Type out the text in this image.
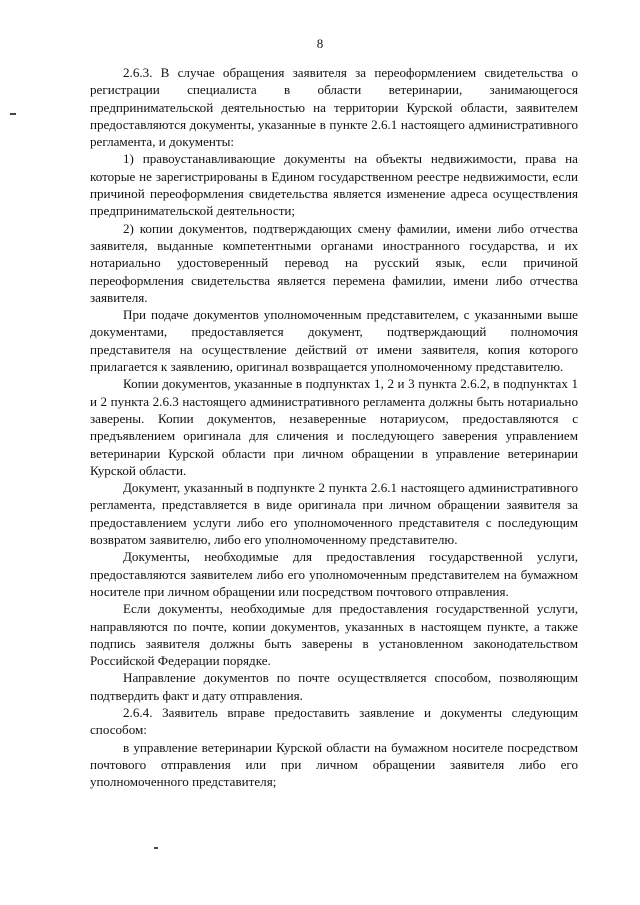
8

2.6.3. В случае обращения заявителя за переоформлением свидетельства о регистрации специалиста в области ветеринарии, занимающегося предпринимательской деятельностью на территории Курской области, заявителем предоставляются документы, указанные в пункте 2.6.1 настоящего административного регламента, и документы:

1) правоустанавливающие документы на объекты недвижимости, права на которые не зарегистрированы в Едином государственном реестре недвижимости, если причиной переоформления свидетельства является изменение адреса осуществления предпринимательской деятельности;

2) копии документов, подтверждающих смену фамилии, имени либо отчества заявителя, выданные компетентными органами иностранного государства, и их нотариально удостоверенный перевод на русский язык, если причиной переоформления свидетельства является перемена фамилии, имени либо отчества заявителя.

При подаче документов уполномоченным представителем, с указанными выше документами, предоставляется документ, подтверждающий полномочия представителя на осуществление действий от имени заявителя, копия которого прилагается к заявлению, оригинал возвращается уполномоченному представителю.

Копии документов, указанные в подпунктах 1, 2 и 3 пункта 2.6.2, в подпунктах 1 и 2 пункта 2.6.3 настоящего административного регламента должны быть нотариально заверены. Копии документов, незаверенные нотариусом, предоставляются с предъявлением оригинала для сличения и последующего заверения управлением ветеринарии Курской области при личном обращении в управление ветеринарии Курской области.

Документ, указанный в подпункте 2 пункта 2.6.1 настоящего административного регламента, представляется в виде оригинала при личном обращении заявителя за предоставлением услуги либо его уполномоченного представителя с последующим возвратом заявителю, либо его уполномоченному представителю.

Документы, необходимые для предоставления государственной услуги, предоставляются заявителем либо его уполномоченным представителем на бумажном носителе при личном обращении или посредством почтового отправления.

Если документы, необходимые для предоставления государственной услуги, направляются по почте, копии документов, указанных в настоящем пункте, а также подпись заявителя должны быть заверены в установленном законодательством Российской Федерации порядке.

Направление документов по почте осуществляется способом, позволяющим подтвердить факт и дату отправления.

2.6.4. Заявитель вправе предоставить заявление и документы следующим способом:

в управление ветеринарии Курской области на бумажном носителе посредством почтового отправления или при личном обращении заявителя либо его уполномоченного представителя;
